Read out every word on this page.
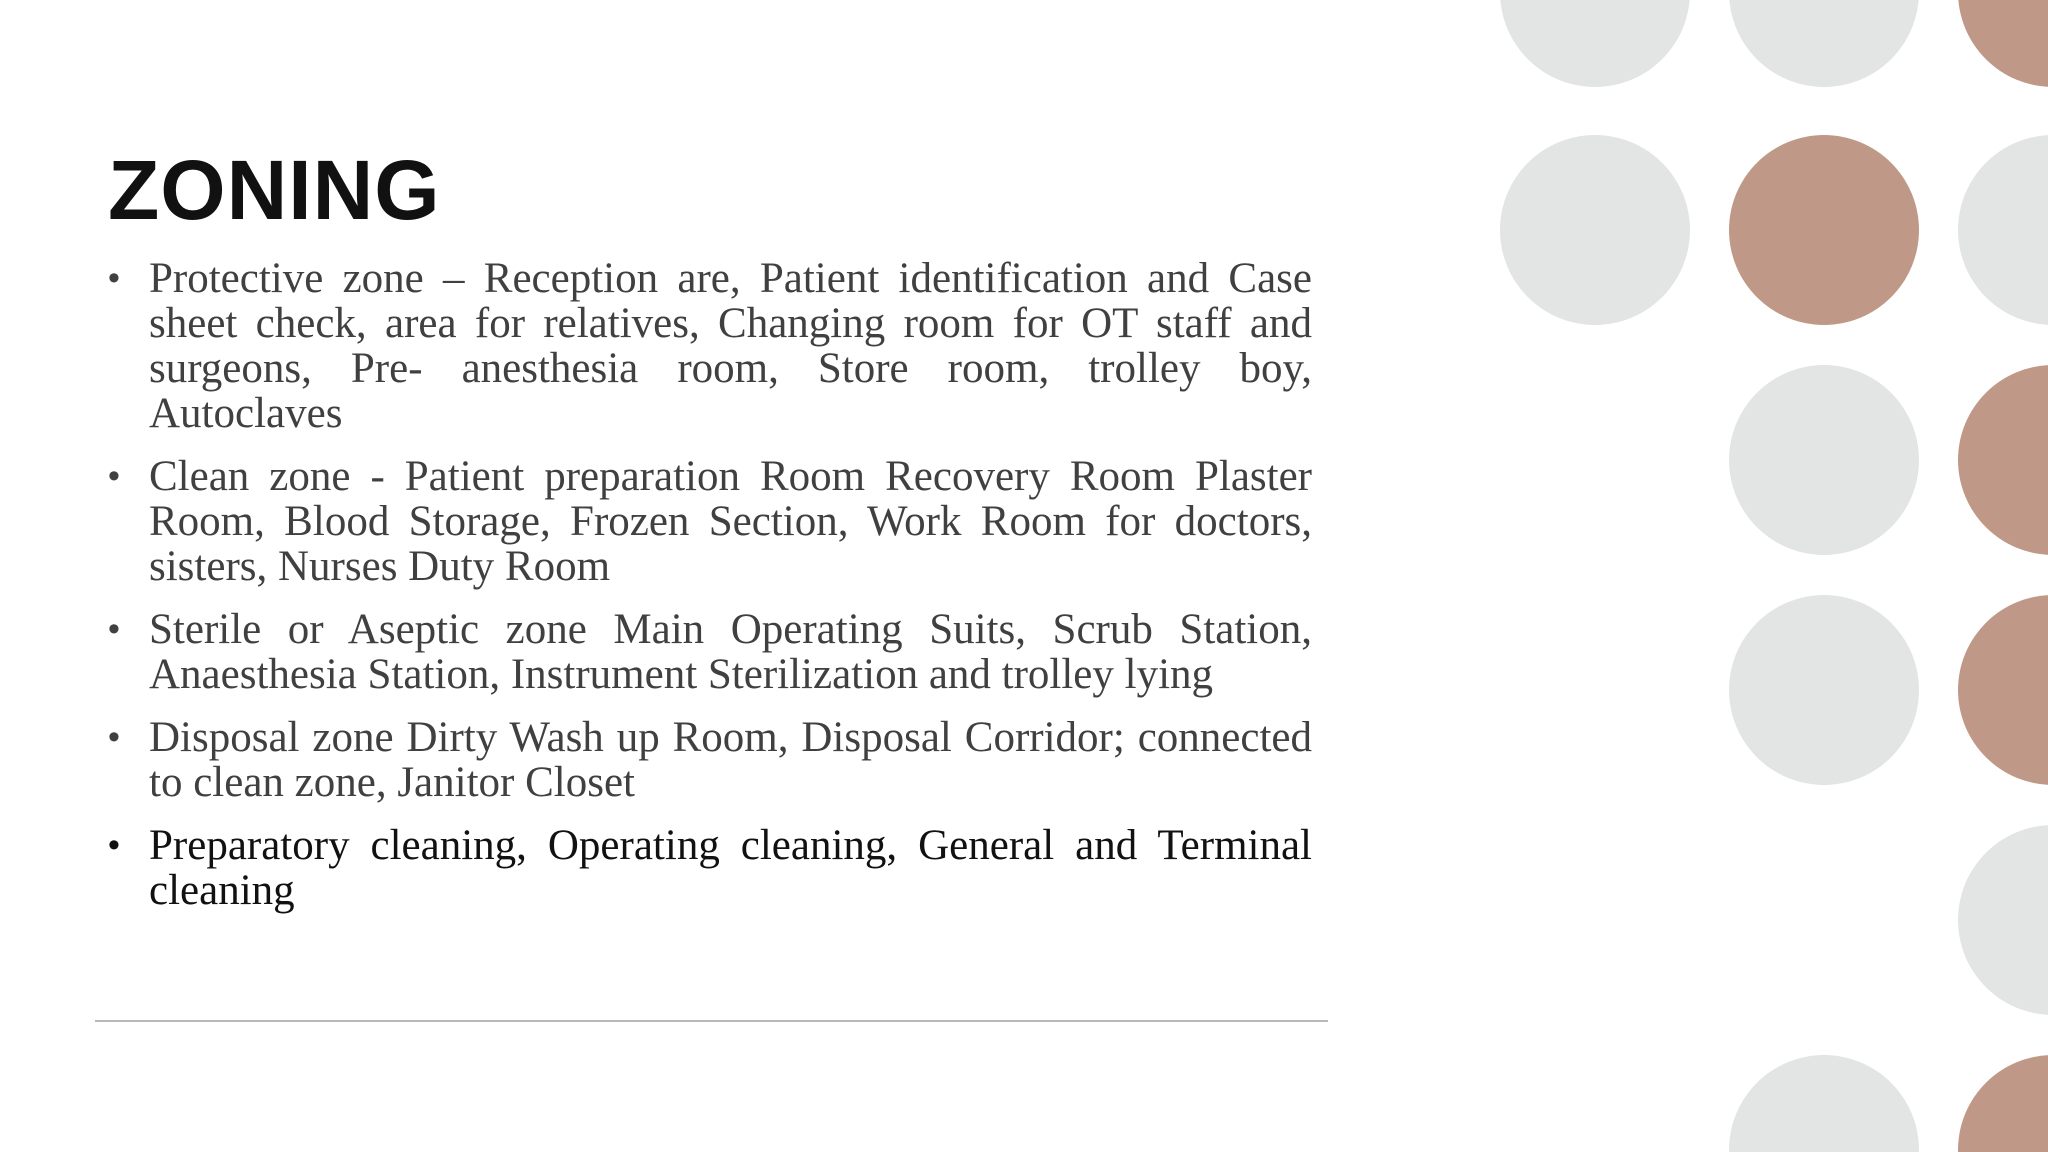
ZONING
• Protective zone – Reception are, Patient identification and Case sheet check, area for relatives, Changing room for OT staff and surgeons, Pre- anesthesia room, Store room, trolley boy, Autoclaves
• Clean zone - Patient preparation Room Recovery Room Plaster Room, Blood Storage, Frozen Section, Work Room for doctors, sisters, Nurses Duty Room
• Sterile or Aseptic zone Main Operating Suits, Scrub Station, Anaesthesia Station, Instrument Sterilization and trolley lying
• Disposal zone Dirty Wash up Room, Disposal Corridor; connected to clean zone, Janitor Closet
• Preparatory cleaning, Operating cleaning, General and Terminal cleaning
